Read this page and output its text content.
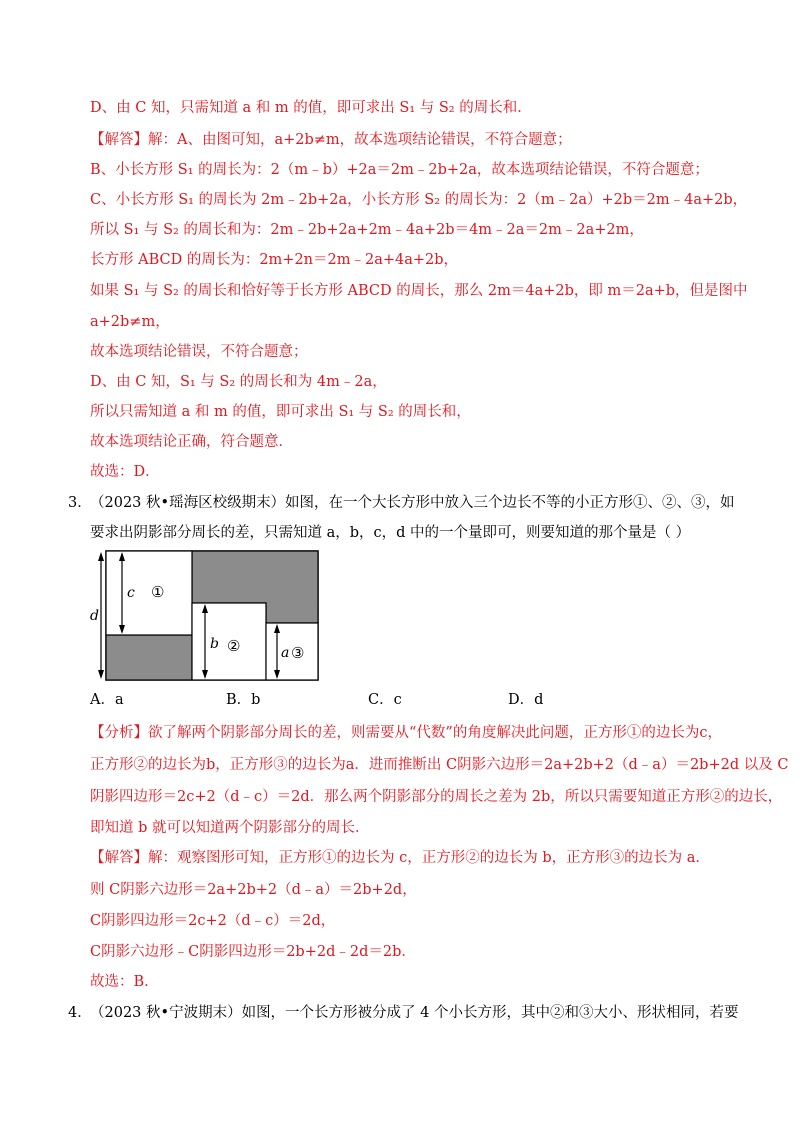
D、由 C 知，只需知道 a 和 m 的值，即可求出 S₁ 与 S₂ 的周长和．
【解答】解：A、由图可知，a+2b≠m，故本选项结论错误，不符合题意；
B、小长方形 S₁ 的周长为：2（m﹣b）+2a＝2m﹣2b+2a，故本选项结论错误，不符合题意；
C、小长方形 S₁ 的周长为 2m﹣2b+2a，小长方形 S₂ 的周长为：2（m﹣2a）+2b＝2m﹣4a+2b，
所以 S₁ 与 S₂ 的周长和为：2m﹣2b+2a+2m﹣4a+2b＝4m﹣2a＝2m﹣2a+2m，
长方形 ABCD 的周长为：2m+2n＝2m﹣2a+4a+2b，
如果 S₁ 与 S₂ 的周长和恰好等于长方形 ABCD 的周长，那么 2m＝4a+2b，即 m＝2a+b，但是图中
a+2b≠m，
故本选项结论错误，不符合题意；
D、由 C 知，S₁ 与 S₂ 的周长和为 4m﹣2a，
所以只需知道 a 和 m 的值，即可求出 S₁ 与 S₂ 的周长和，
故本选项结论正确，符合题意．
故选：D．
3．
（2023 秋•瑶海区校级期末）如图，在一个大长方形中放入三个边长不等的小正方形①、②、③，如
要求出阴影部分周长的差，只需知道 a，b，c，d 中的一个量即可，则要知道的那个量是（ ）
d
c ①
b ②	a ③
A．a	B．b	C．c	D．d
【分析】欲了解两个阴影部分周长的差，则需要从“代数”的角度解决此问题，正方形①的边长为c，
正方形②的边长为b，正方形③的边长为a．进而推断出 C阴影六边形＝2a+2b+2（d﹣a）＝2b+2d 以及 C
阴影四边形＝2c+2（d﹣c）＝2d．那么两个阴影部分的周长之差为 2b，所以只需要知道正方形②的边长，
即知道 b 就可以知道两个阴影部分的周长．
【解答】解：观察图形可知，正方形①的边长为 c，正方形②的边长为 b，正方形③的边长为 a．
则 C阴影六边形＝2a+2b+2（d﹣a）＝2b+2d，
C阴影四边形＝2c+2（d﹣c）＝2d，
C阴影六边形﹣C阴影四边形＝2b+2d﹣2d＝2b．
故选：B．
4．
（2023 秋•宁波期末）如图，一个长方形被分成了 4 个小长方形，其中②和③大小、形状相同，若要
